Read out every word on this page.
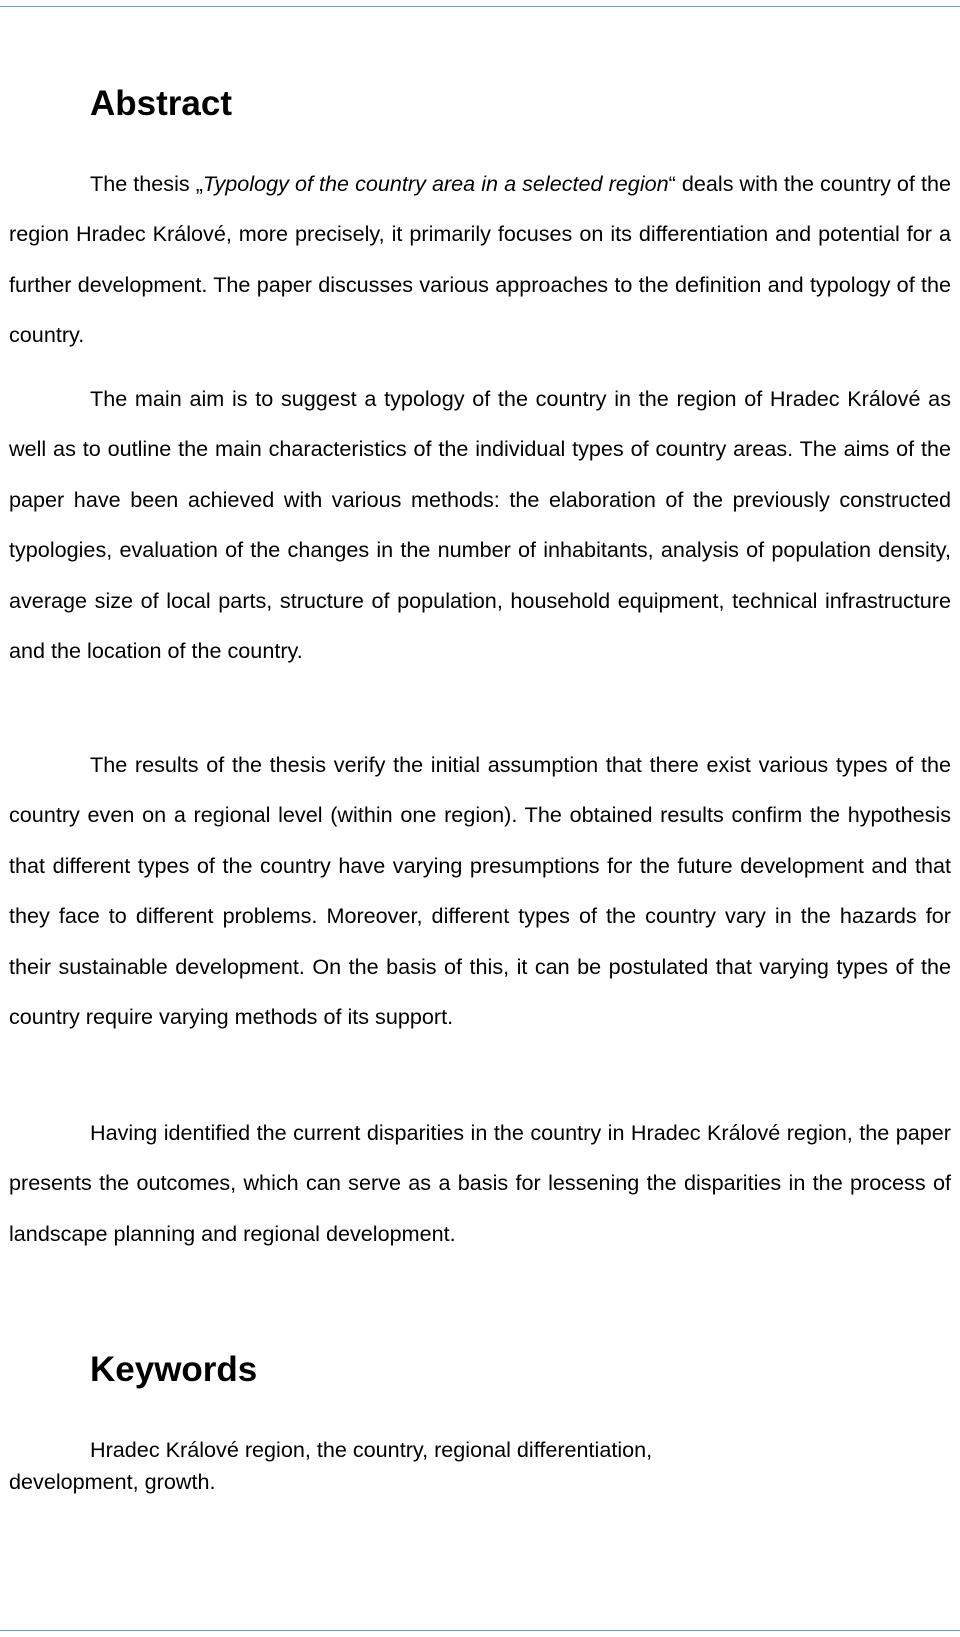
Abstract

The thesis „Typology of the country area in a selected region“ deals with the country of the region Hradec Králové, more precisely, it primarily focuses on its differentiation and potential for a further development. The paper discusses various approaches to the definition and typology of the country.

The main aim is to suggest a typology of the country in the region of Hradec Králové as well as to outline the main characteristics of the individual types of country areas. The aims of the paper have been achieved with various methods: the elaboration of the previously constructed typologies, evaluation of the changes in the number of inhabitants, analysis of population density, average size of local parts, structure of population, household equipment, technical infrastructure and the location of the country.

The results of the thesis verify the initial assumption that there exist various types of the country even on a regional level (within one region). The obtained results confirm the hypothesis that different types of the country have varying presumptions for the future development and that they face to different problems. Moreover, different types of the country vary in the hazards for their sustainable development. On the basis of this, it can be postulated that varying types of the country require varying methods of its support.

Having identified the current disparities in the country in Hradec Králové region, the paper presents the outcomes, which can serve as a basis for lessening the disparities in the process of landscape planning and regional development.

Keywords

Hradec Králové region, the country, regional differentiation,
development, growth.
